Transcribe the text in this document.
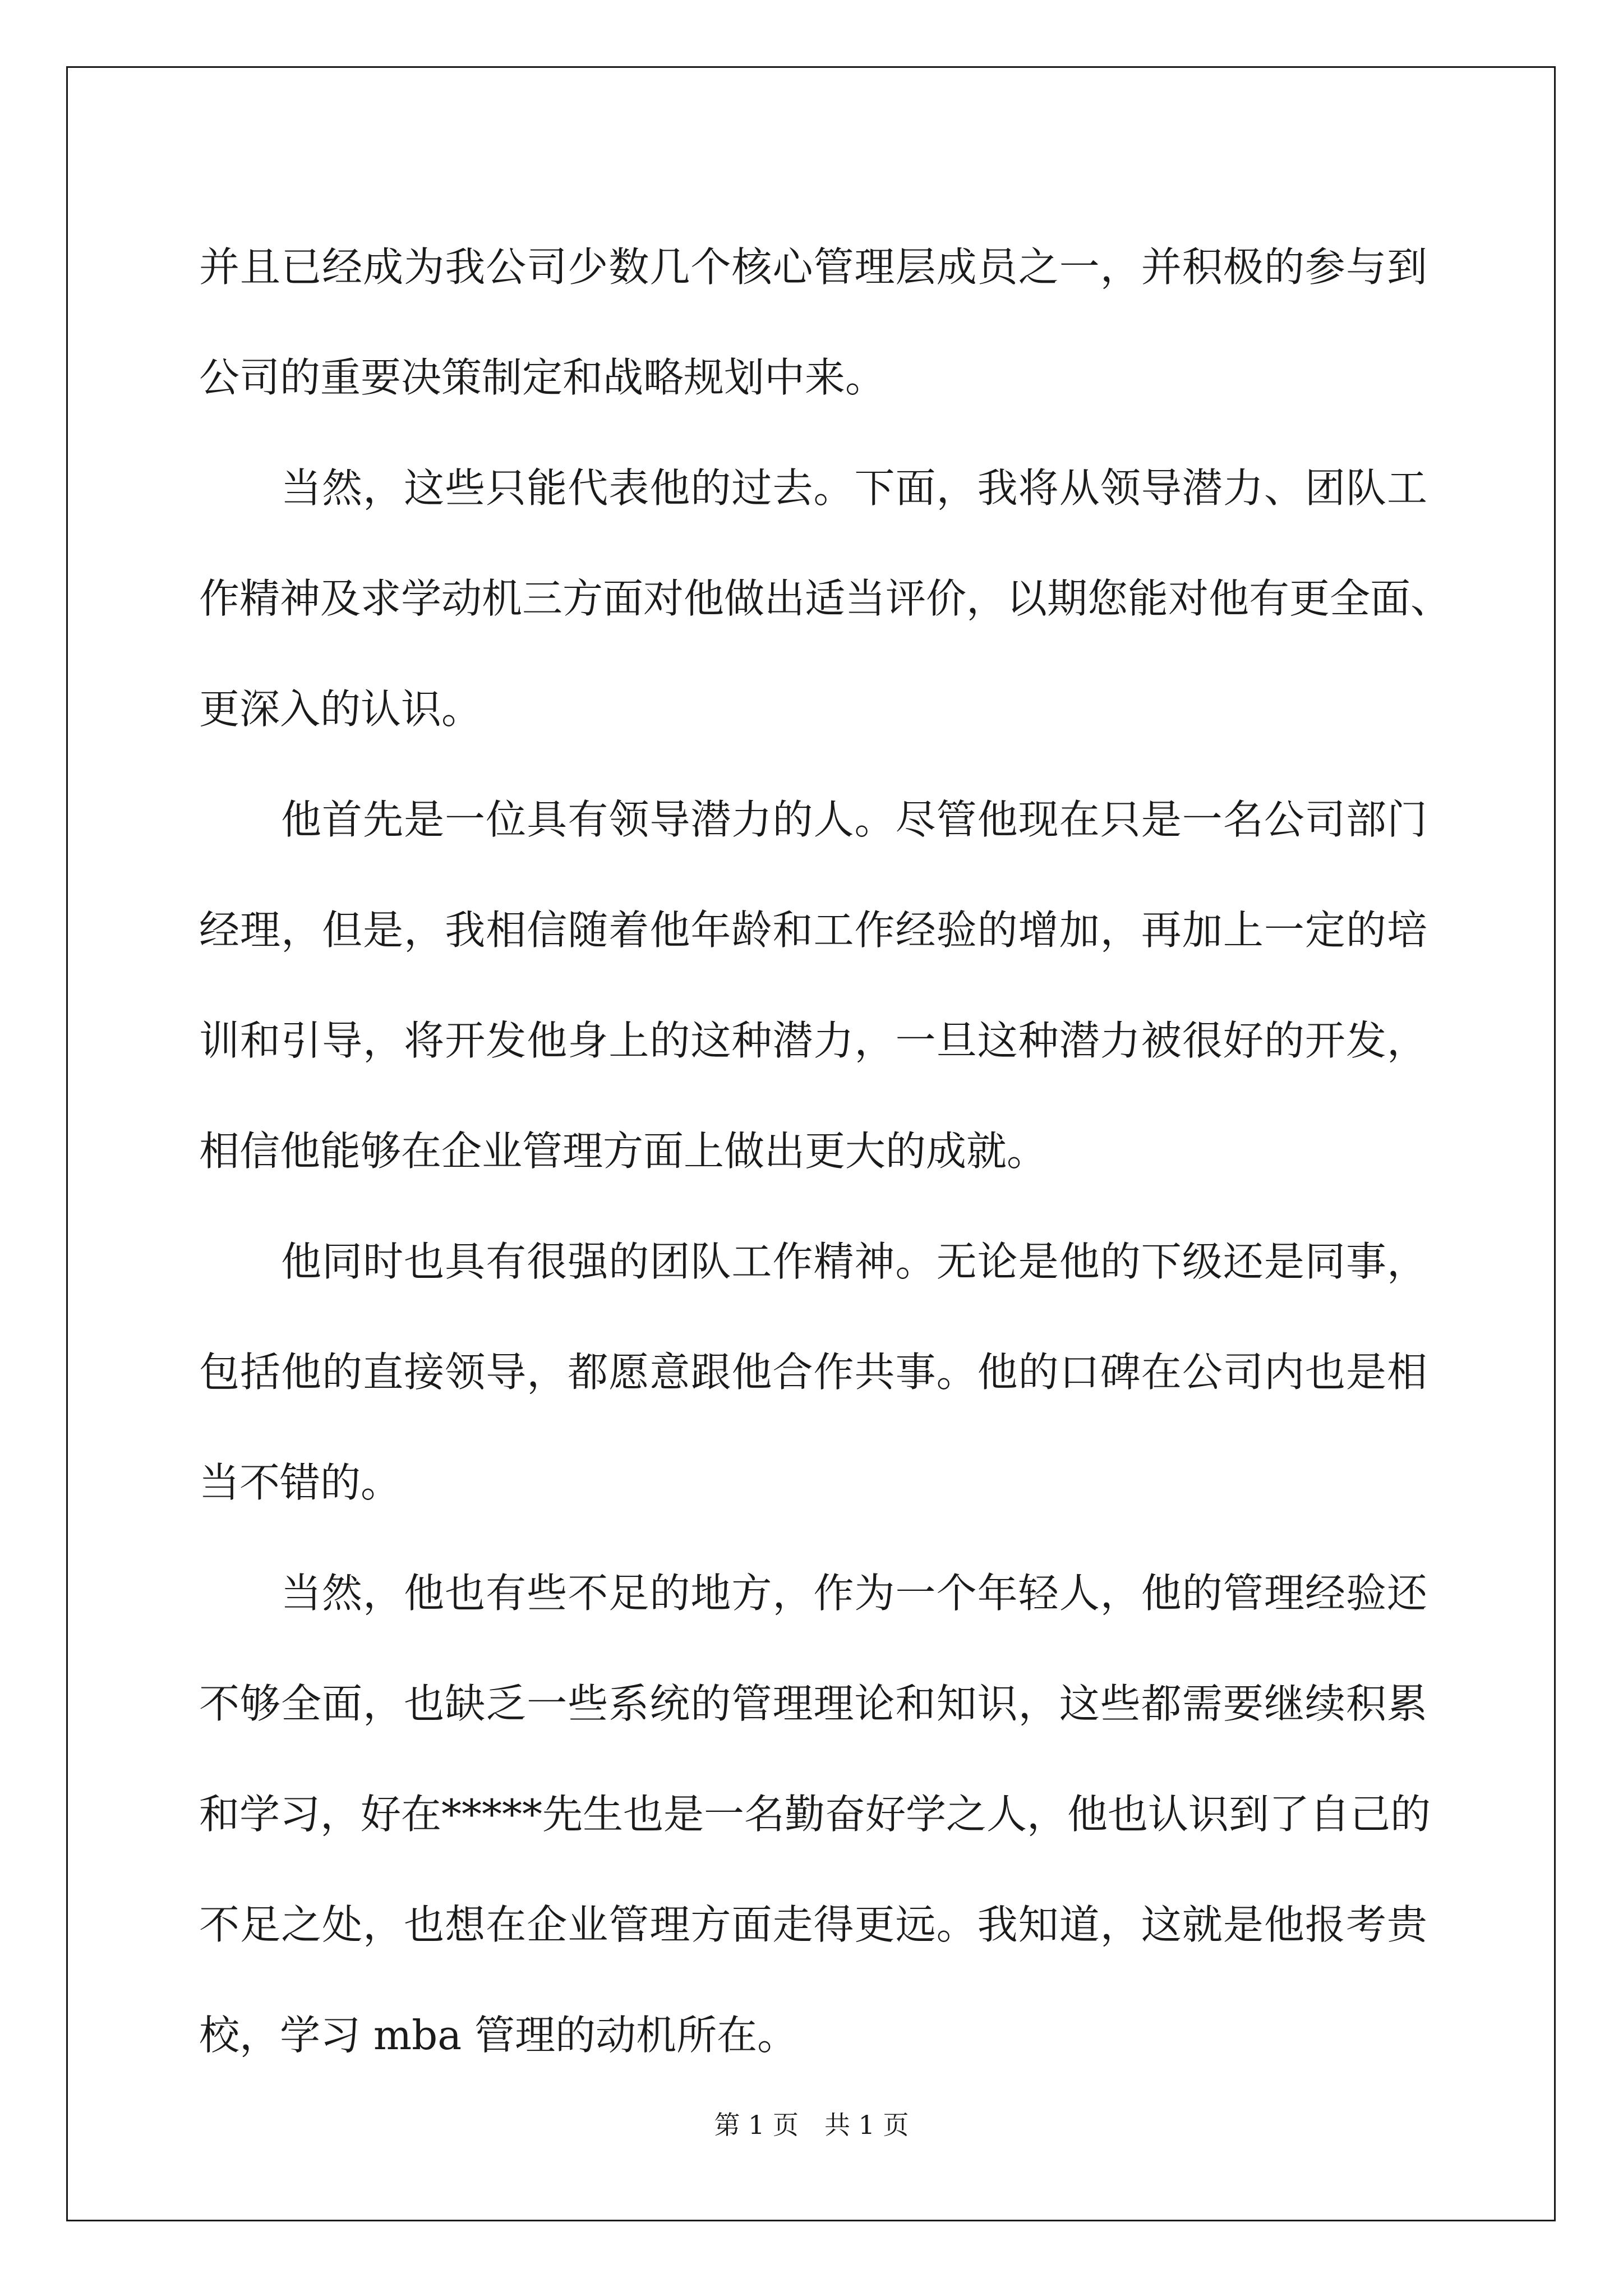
并且已经成为我公司少数几个核心管理层成员之一，并积极的参与到
公司的重要决策制定和战略规划中来。
当然，这些只能代表他的过去。下面，我将从领导潜力、团队工
作精神及求学动机三方面对他做出适当评价，以期您能对他有更全面、
更深入的认识。
他首先是一位具有领导潜力的人。尽管他现在只是一名公司部门
经理，但是，我相信随着他年龄和工作经验的增加，再加上一定的培
训和引导，将开发他身上的这种潜力，一旦这种潜力被很好的开发，
相信他能够在企业管理方面上做出更大的成就。
他同时也具有很强的团队工作精神。无论是他的下级还是同事，
包括他的直接领导，都愿意跟他合作共事。他的口碑在公司内也是相
当不错的。
当然，他也有些不足的地方，作为一个年轻人，他的管理经验还
不够全面，也缺乏一些系统的管理理论和知识，这些都需要继续积累
和学习，好在*****先生也是一名勤奋好学之人，他也认识到了自己的
不足之处，也想在企业管理方面走得更远。我知道，这就是他报考贵
校，学习 mba 管理的动机所在。
第 1 页　共 1 页
